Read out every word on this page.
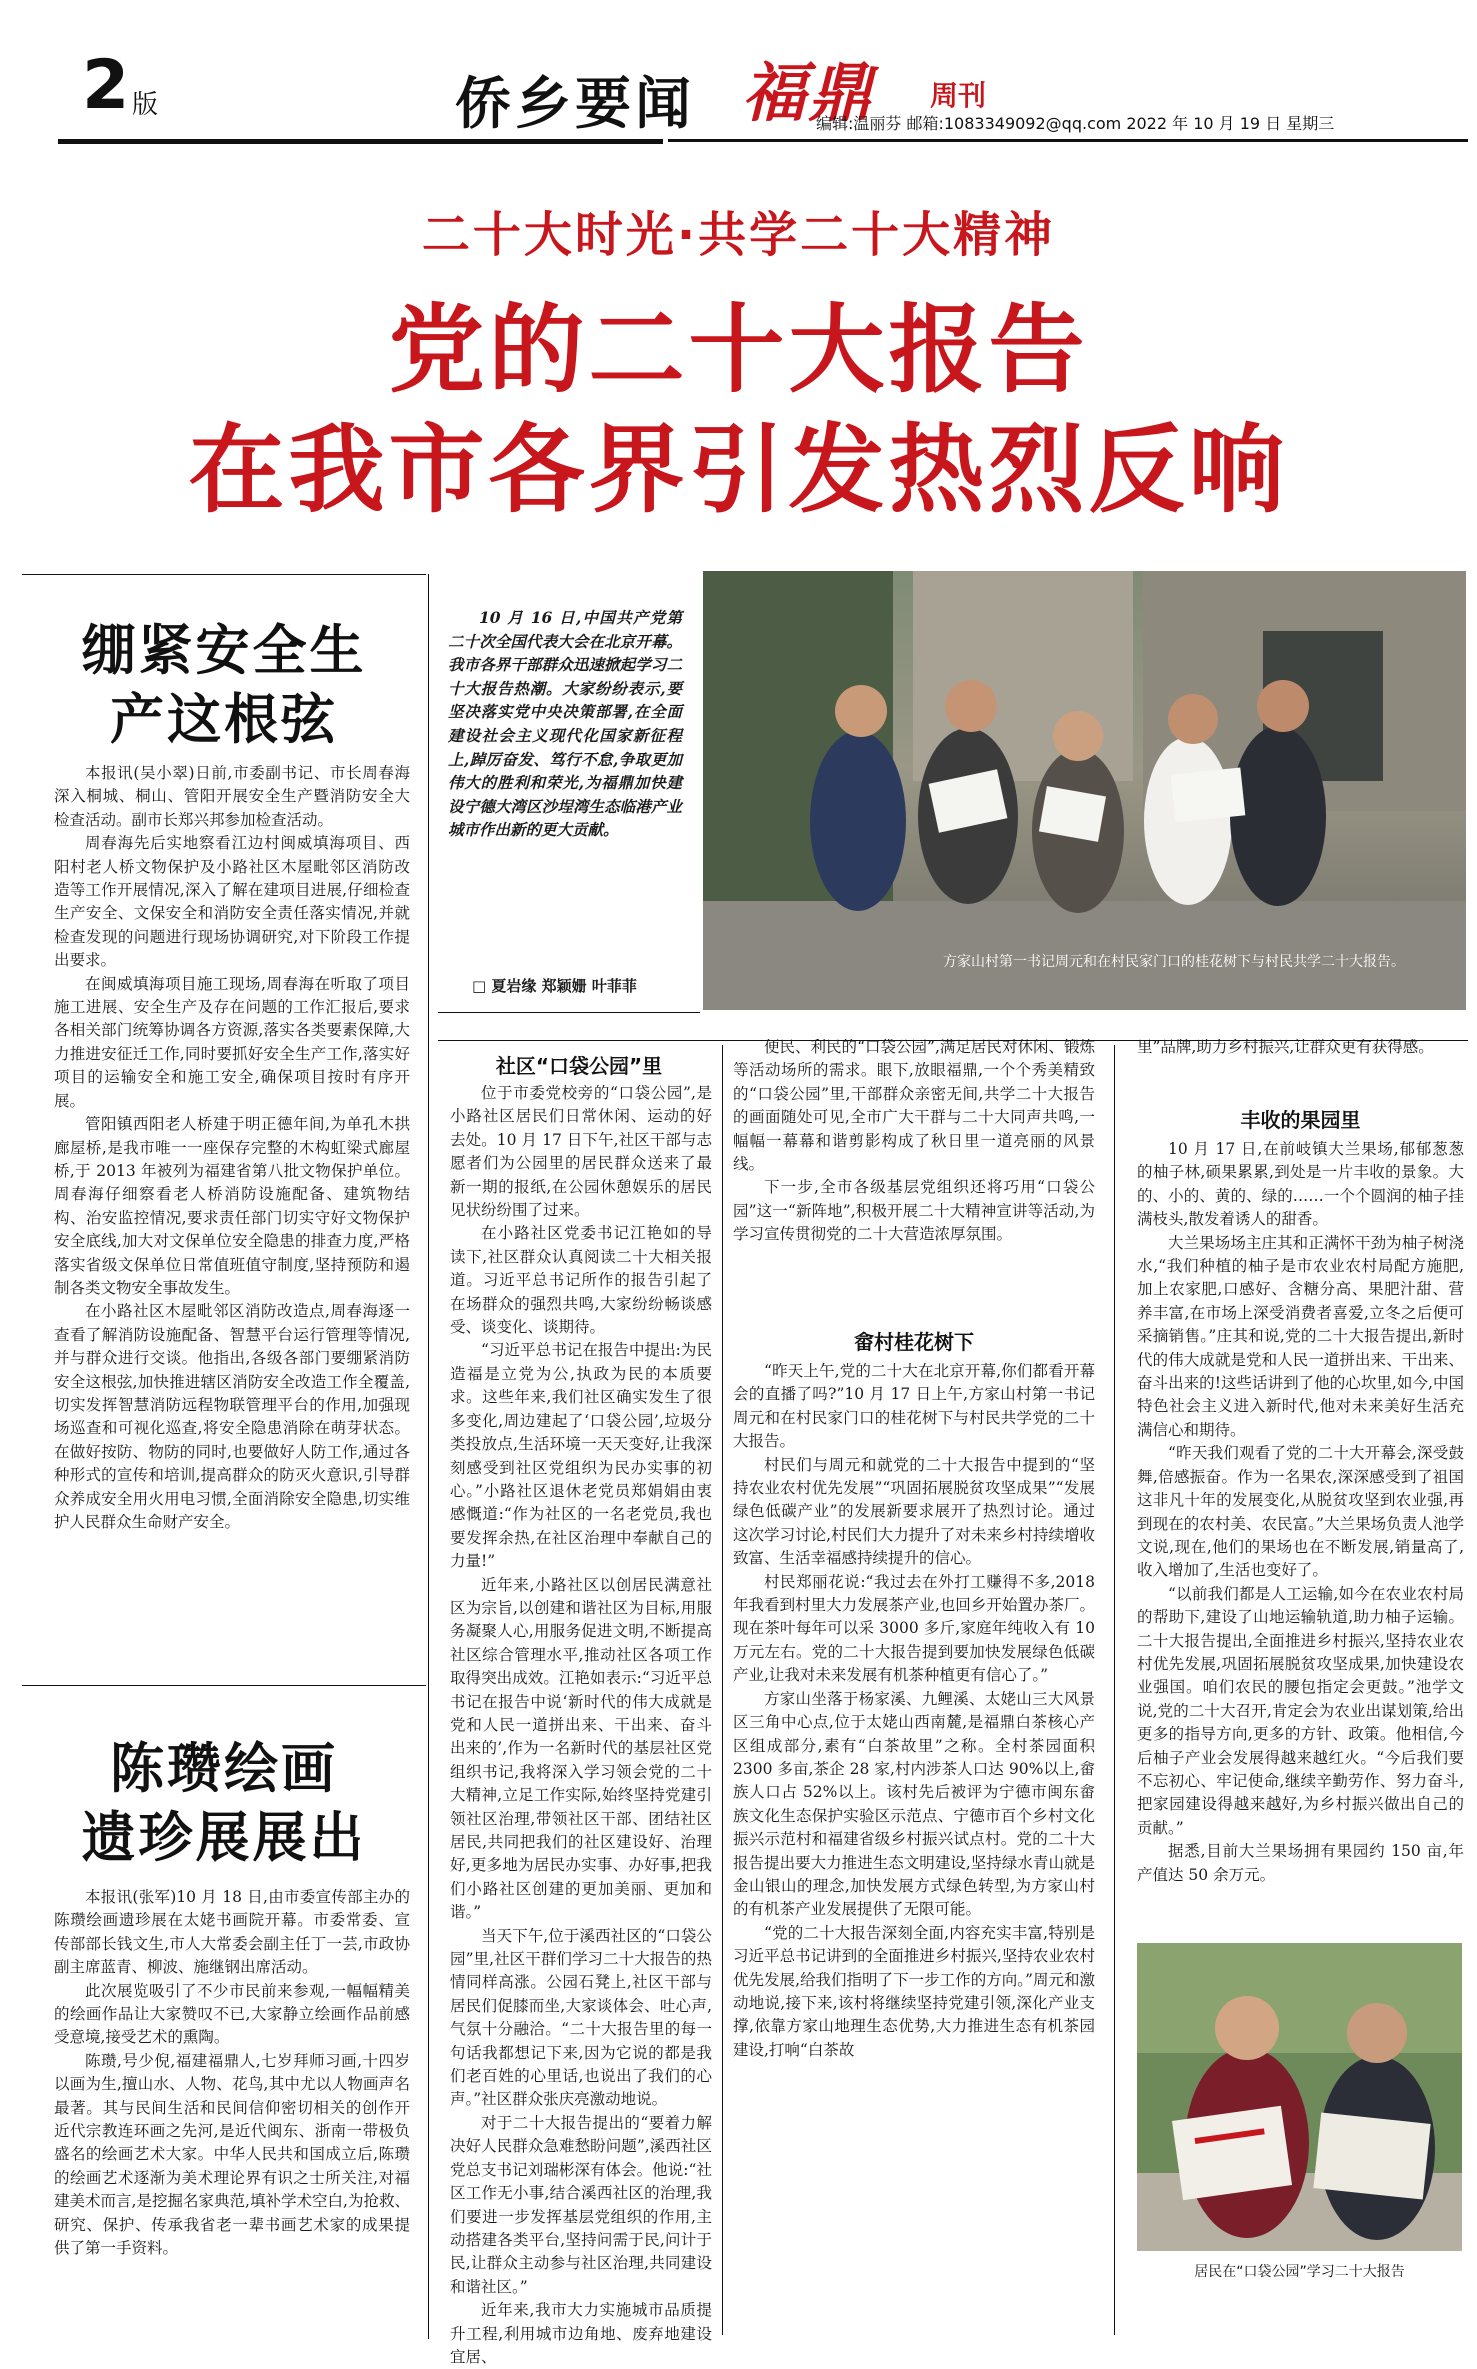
2 版	侨乡要闻 福鼎 周刊
编辑:温丽芬 邮箱:1083349092@qq.com 2022 年 10 月 19 日 星期三
二十大时光·共学二十大精神
党的二十大报告
在我市各界引发热烈反响
绷紧安全生
产这根弦

本报讯(吴小翠)日前,市委副书记、市长周春海深入桐城、桐山、管阳开展安全生产暨消防安全大检查活动。副市长郑兴邦参加检查活动。

周春海先后实地察看江边村闽威填海项目、西阳村老人桥文物保护及小路社区木屋毗邻区消防改造等工作开展情况,深入了解在建项目进展,仔细检查生产安全、文保安全和消防安全责任落实情况,并就检查发现的问题进行现场协调研究,对下阶段工作提出要求。

在闽威填海项目施工现场,周春海在听取了项目施工进展、安全生产及存在问题的工作汇报后,要求各相关部门统筹协调各方资源,落实各类要素保障,大力推进安征迁工作,同时要抓好安全生产工作,落实好项目的运输安全和施工安全,确保项目按时有序开展。

管阳镇西阳老人桥建于明正德年间,为单孔木拱廊屋桥,是我市唯一一座保存完整的木构虹梁式廊屋桥,于 2013 年被列为福建省第八批文物保护单位。周春海仔细察看老人桥消防设施配备、建筑物结构、治安监控情况,要求责任部门切实守好文物保护安全底线,加大对文保单位安全隐患的排查力度,严格落实省级文保单位日常值班值守制度,坚持预防和遏制各类文物安全事故发生。

在小路社区木屋毗邻区消防改造点,周春海逐一查看了解消防设施配备、智慧平台运行管理等情况,并与群众进行交谈。他指出,各级各部门要绷紧消防安全这根弦,加快推进辖区消防安全改造工作全覆盖,切实发挥智慧消防远程物联管理平台的作用,加强现场巡查和可视化巡查,将安全隐患消除在萌芽状态。在做好按防、物防的同时,也要做好人防工作,通过各种形式的宣传和培训,提高群众的防灭火意识,引导群众养成安全用火用电习惯,全面消除安全隐患,切实维护人民群众生命财产安全。

陈瓒绘画
遗珍展展出

本报讯(张军)10 月 18 日,由市委宣传部主办的陈瓒绘画遗珍展在太姥书画院开幕。市委常委、宣传部部长钱文生,市人大常委会副主任丁一芸,市政协副主席蓝青、柳波、施继钢出席活动。

此次展览吸引了不少市民前来参观,一幅幅精美的绘画作品让大家赞叹不已,大家静立绘画作品前感受意境,接受艺术的熏陶。

陈瓒,号少倪,福建福鼎人,七岁拜师习画,十四岁以画为生,擅山水、人物、花鸟,其中尤以人物画声名最著。其与民间生活和民间信仰密切相关的创作开近代宗教连环画之先河,是近代闽东、浙南一带极负盛名的绘画艺术大家。中华人民共和国成立后,陈瓒的绘画艺术逐渐为美术理论界有识之士所关注,对福建美术而言,是挖掘名家典范,填补学术空白,为抢救、研究、保护、传承我省老一辈书画艺术家的成果提供了第一手资料。

10 月 16 日,中国共产党第二十次全国代表大会在北京开幕。我市各界干部群众迅速掀起学习二十大报告热潮。大家纷纷表示,要坚决落实党中央决策部署,在全面建设社会主义现代化国家新征程上,踔厉奋发、笃行不怠,争取更加伟大的胜利和荣光,为福鼎加快建设宁德大湾区沙埕湾生态临港产业城市作出新的更大贡献。

□ 夏岩缘 郑颖姗 叶菲菲
方家山村第一书记周元和在村民家门口的桂花树下与村民共学二十大报告。
社区“口袋公园”里

位于市委党校旁的“口袋公园”,是小路社区居民们日常休闲、运动的好去处。10 月 17 日下午,社区干部与志愿者们为公园里的居民群众送来了最新一期的报纸,在公园休憩娱乐的居民见状纷纷围了过来。

在小路社区党委书记江艳如的导读下,社区群众认真阅读二十大相关报道。习近平总书记所作的报告引起了在场群众的强烈共鸣,大家纷纷畅谈感受、谈变化、谈期待。

“习近平总书记在报告中提出:为民造福是立党为公,执政为民的本质要求。这些年来,我们社区确实发生了很多变化,周边建起了‘口袋公园’,垃圾分类投放点,生活环境一天天变好,让我深刻感受到社区党组织为民办实事的初心。”小路社区退休老党员郑娟娟由衷感慨道:“作为社区的一名老党员,我也要发挥余热,在社区治理中奉献自己的力量!”

近年来,小路社区以创居民满意社区为宗旨,以创建和谐社区为目标,用服务凝聚人心,用服务促进文明,不断提高社区综合管理水平,推动社区各项工作取得突出成效。江艳如表示:“习近平总书记在报告中说‘新时代的伟大成就是党和人民一道拼出来、干出来、奋斗出来的’,作为一名新时代的基层社区党组织书记,我将深入学习领会党的二十大精神,立足工作实际,始终坚持党建引领社区治理,带领社区干部、团结社区居民,共同把我们的社区建设好、治理好,更多地为居民办实事、办好事,把我们小路社区创建的更加美丽、更加和谐。”

当天下午,位于溪西社区的“口袋公园”里,社区干群们学习二十大报告的热情同样高涨。公园石凳上,社区干部与居民们促膝而坐,大家谈体会、吐心声,气氛十分融洽。“二十大报告里的每一句话我都想记下来,因为它说的都是我们老百姓的心里话,也说出了我们的心声。”社区群众张庆亮激动地说。

对于二十大报告提出的“要着力解决好人民群众急难愁盼问题”,溪西社区党总支书记刘瑞彬深有体会。他说:“社区工作无小事,结合溪西社区的治理,我们要进一步发挥基层党组织的作用,主动搭建各类平台,坚持问需于民,问计于民,让群众主动参与社区治理,共同建设和谐社区。”

近年来,我市大力实施城市品质提升工程,利用城市边角地、废弃地建设宜居、

便民、利民的“口袋公园”,满足居民对休闲、锻炼等活动场所的需求。眼下,放眼福鼎,一个个秀美精致的“口袋公园”里,干部群众亲密无间,共学二十大报告的画面随处可见,全市广大干群与二十大同声共鸣,一幅幅一幕幕和谐剪影构成了秋日里一道亮丽的风景线。

下一步,全市各级基层党组织还将巧用“口袋公园”这一“新阵地”,积极开展二十大精神宣讲等活动,为学习宣传贯彻党的二十大营造浓厚氛围。

畲村桂花树下

“昨天上午,党的二十大在北京开幕,你们都看开幕会的直播了吗?”10 月 17 日上午,方家山村第一书记周元和在村民家门口的桂花树下与村民共学党的二十大报告。

村民们与周元和就党的二十大报告中提到的“坚持农业农村优先发展”“巩固拓展脱贫攻坚成果”“发展绿色低碳产业”的发展新要求展开了热烈讨论。通过这次学习讨论,村民们大力提升了对未来乡村持续增收致富、生活幸福感持续提升的信心。

村民郑丽花说:“我过去在外打工赚得不多,2018 年我看到村里大力发展茶产业,也回乡开始置办茶厂。现在茶叶每年可以采 3000 多斤,家庭年纯收入有 10 万元左右。党的二十大报告提到要加快发展绿色低碳产业,让我对未来发展有机茶种植更有信心了。”

方家山坐落于杨家溪、九鲤溪、太姥山三大风景区三角中心点,位于太姥山西南麓,是福鼎白茶核心产区组成部分,素有“白茶故里”之称。全村茶园面积 2300 多亩,茶企 28 家,村内涉茶人口达 90%以上,畲族人口占 52%以上。该村先后被评为宁德市闽东畲族文化生态保护实验区示范点、宁德市百个乡村文化振兴示范村和福建省级乡村振兴试点村。党的二十大报告提出要大力推进生态文明建设,坚持绿水青山就是金山银山的理念,加快发展方式绿色转型,为方家山村的有机茶产业发展提供了无限可能。

“党的二十大报告深刻全面,内容充实丰富,特别是习近平总书记讲到的全面推进乡村振兴,坚持农业农村优先发展,给我们指明了下一步工作的方向。”周元和激动地说,接下来,该村将继续坚持党建引领,深化产业支撑,依靠方家山地理生态优势,大力推进生态有机茶园建设,打响“白茶故

里”品牌,助力乡村振兴,让群众更有获得感。

丰收的果园里

10 月 17 日,在前岐镇大兰果场,郁郁葱葱的柚子林,硕果累累,到处是一片丰收的景象。大的、小的、黄的、绿的……一个个圆润的柚子挂满枝头,散发着诱人的甜香。

大兰果场场主庄其和正满怀干劲为柚子树浇水,“我们种植的柚子是市农业农村局配方施肥,加上农家肥,口感好、含糖分高、果肥汁甜、营养丰富,在市场上深受消费者喜爱,立冬之后便可采摘销售。”庄其和说,党的二十大报告提出,新时代的伟大成就是党和人民一道拼出来、干出来、奋斗出来的!这些话讲到了他的心坎里,如今,中国特色社会主义进入新时代,他对未来美好生活充满信心和期待。

“昨天我们观看了党的二十大开幕会,深受鼓舞,倍感振奋。作为一名果农,深深感受到了祖国这非凡十年的发展变化,从脱贫攻坚到农业强,再到现在的农村美、农民富。”大兰果场负责人池学文说,现在,他们的果场也在不断发展,销量高了,收入增加了,生活也变好了。

“以前我们都是人工运输,如今在农业农村局的帮助下,建设了山地运输轨道,助力柚子运输。二十大报告提出,全面推进乡村振兴,坚持农业农村优先发展,巩固拓展脱贫攻坚成果,加快建设农业强国。咱们农民的腰包指定会更鼓。”池学文说,党的二十大召开,肯定会为农业出谋划策,给出更多的指导方向,更多的方针、政策。他相信,今后柚子产业会发展得越来越红火。“今后我们要不忘初心、牢记使命,继续辛勤劳作、努力奋斗,把家园建设得越来越好,为乡村振兴做出自己的贡献。”

据悉,目前大兰果场拥有果园约 150 亩,年产值达 50 余万元。

居民在“口袋公园”学习二十大报告
